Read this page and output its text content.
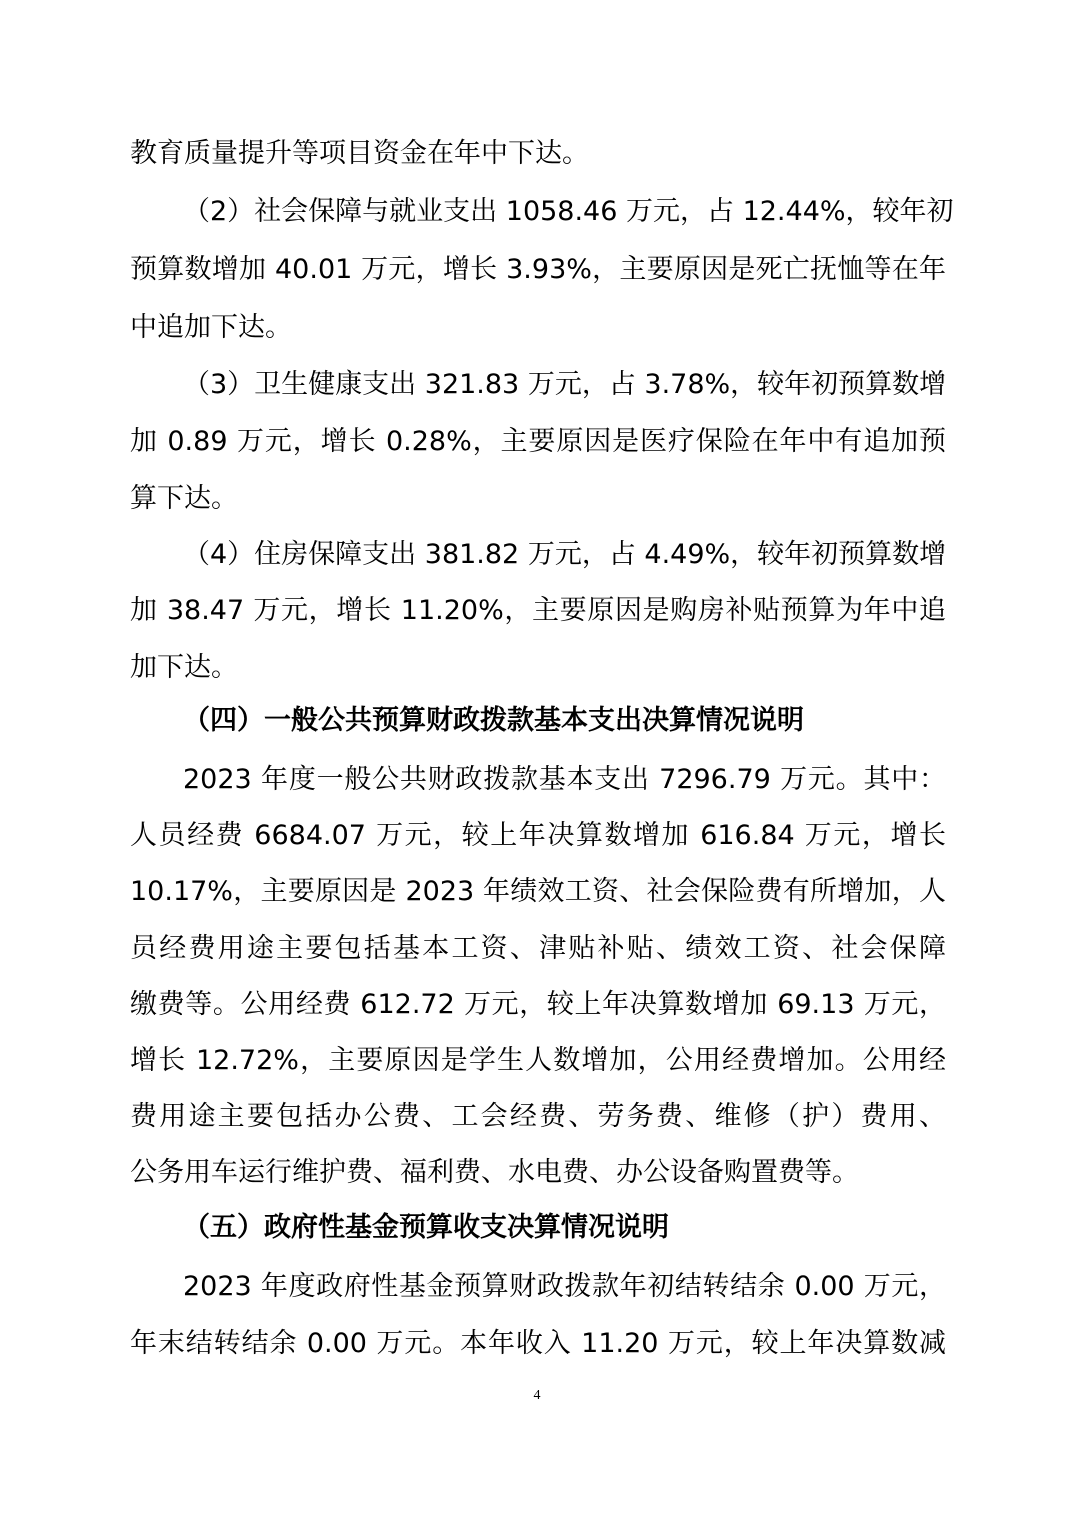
教育质量提升等项目资金在年中下达。
（2）社会保障与就业支出 1058.46 万元，占 12.44%，较年初
预算数增加 40.01 万元，增长 3.93%，主要原因是死亡抚恤等在年
中追加下达。
（3）卫生健康支出 321.83 万元，占 3.78%，较年初预算数增
加 0.89 万元，增长 0.28%，主要原因是医疗保险在年中有追加预
算下达。
（4）住房保障支出 381.82 万元，占 4.49%，较年初预算数增
加 38.47 万元，增长 11.20%，主要原因是购房补贴预算为年中追
加下达。
（四）一般公共预算财政拨款基本支出决算情况说明
2023 年度一般公共财政拨款基本支出 7296.79 万元。其中：
人员经费 6684.07 万元，较上年决算数增加 616.84 万元，增长
10.17%，主要原因是 2023 年绩效工资、社会保险费有所增加，人
员经费用途主要包括基本工资、津贴补贴、绩效工资、社会保障
缴费等。公用经费 612.72 万元，较上年决算数增加 69.13 万元，
增长 12.72%，主要原因是学生人数增加，公用经费增加。公用经
费用途主要包括办公费、工会经费、劳务费、维修（护）费用、
公务用车运行维护费、福利费、水电费、办公设备购置费等。
（五）政府性基金预算收支决算情况说明
2023 年度政府性基金预算财政拨款年初结转结余 0.00 万元，
年末结转结余 0.00 万元。本年收入 11.20 万元，较上年决算数减
4
